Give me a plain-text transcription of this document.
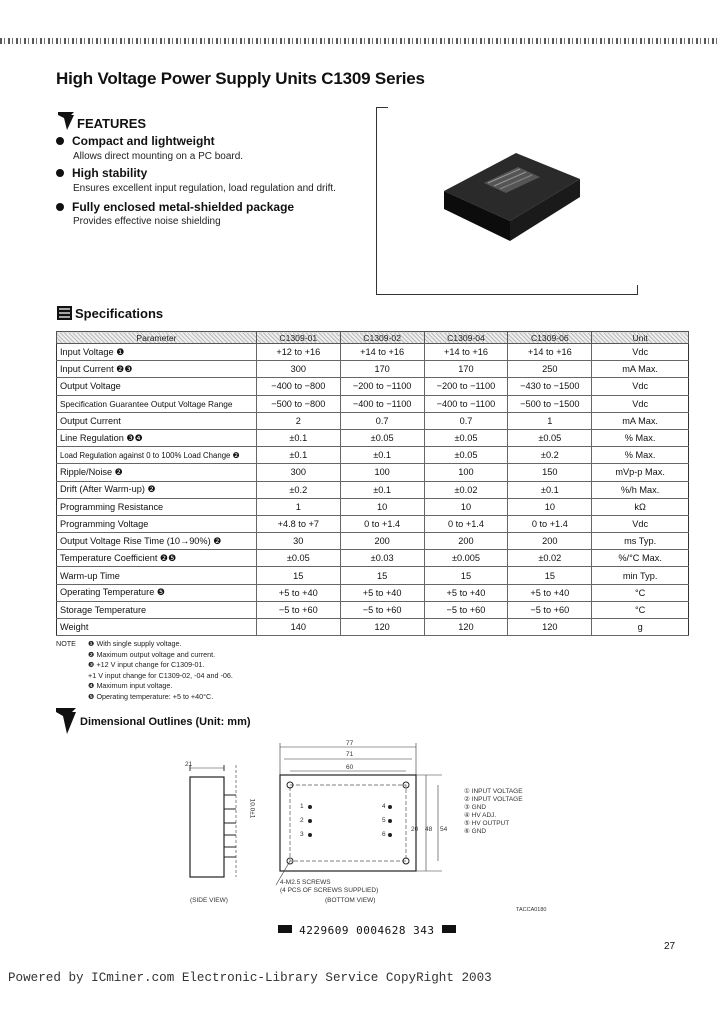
High Voltage Power Supply Units C1309 Series
FEATURES
Compact and lightweight
Allows direct mounting on a PC board.
High stability
Ensures excellent input regulation, load regulation and drift.
Fully enclosed metal-shielded package
Provides effective noise shielding
Specifications
Parameter	C1309-01	C1309-02	C1309-04	C1309-06	Unit
Input Voltage ❶	+12 to +16	+14 to +16	+14 to +16	+14 to +16	Vdc
Input Current ❷❸	300	170	170	250	mA Max.
Output Voltage	−400 to −800	−200 to −1100	−200 to −1100	−430 to −1500	Vdc
Specification Guarantee Output Voltage Range	−500 to −800	−400 to −1100	−400 to −1100	−500 to −1500	Vdc
Output Current	2	0.7	0.7	1	mA Max.
Line Regulation ❸❹	±0.1	±0.05	±0.05	±0.05	% Max.
Load Regulation against 0 to 100% Load Change ❷	±0.1	±0.1	±0.05	±0.2	% Max.
Ripple/Noise ❷	300	100	100	150	mVp-p Max.
Drift (After Warm-up) ❷	±0.2	±0.1	±0.02	±0.1	%/h Max.
Programming Resistance	1	10	10	10	kΩ
Programming Voltage	+4.8 to +7	0 to +1.4	0 to +1.4	0 to +1.4	Vdc
Output Voltage Rise Time (10→90%) ❷	30	200	200	200	ms Typ.
Temperature Coefficient ❷❺	±0.05	±0.03	±0.005	±0.02	%/°C Max.
Warm-up Time	15	15	15	15	min Typ.
Operating Temperature ❺	+5 to +40	+5 to +40	+5 to +40	+5 to +40	°C
Storage Temperature	−5 to +60	−5 to +60	−5 to +60	−5 to +60	°C
Weight	140	120	120	120	g
NOTE ❶ With single supply voltage.
❷ Maximum output voltage and current.
❸ +12 V input change for C1309-01.
+1 V input change for C1309-02, -04 and -06.
❹ Maximum input voltage.
❺ Operating temperature: +5 to +40°C.
Dimensional Outlines (Unit: mm)
21
10.0±1
77
71
60
20 48 54
1
2
3
4
5
6
① INPUT VOLTAGE
② INPUT VOLTAGE
③ GND
④ HV ADJ.
⑤ HV OUTPUT
⑥ GND
4-M2.5 SCREWS
(4 PCS OF SCREWS SUPPLIED)
(SIDE VIEW)	(BOTTOM VIEW)
TACCA0180
4229609 0004628 343
27
Powered by ICminer.com Electronic-Library Service CopyRight 2003
